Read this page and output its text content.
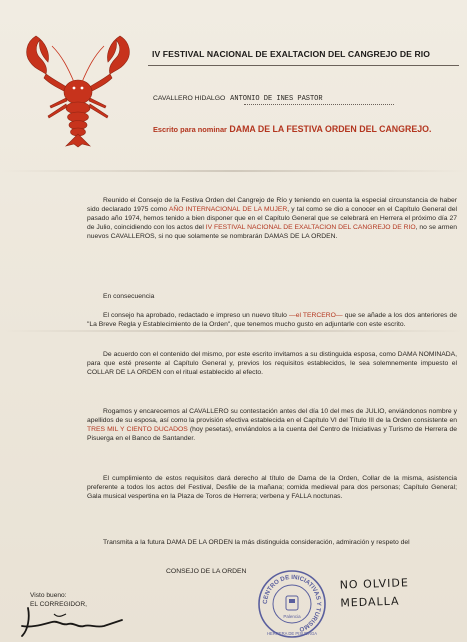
IV FESTIVAL NACIONAL DE EXALTACION DEL CANGREJO DE RIO
CAVALLERO HIDALGO ANTONIO DE INES PASTOR
Escrito para nominar DAMA DE LA FESTIVA ORDEN DEL CANGREJO.
Reunido el Consejo de la Festiva Orden del Cangrejo de Río y teniendo en cuenta la especial circunstancia de haber sido declarado 1975 como AÑO INTERNACIONAL DE LA MUJER, y tal como se dio a conocer en el Capítulo General del pasado año 1974, hemos tenido a bien disponer que en el Capítulo General que se celebrará en Herrera el próximo día 27 de Julio, coincidiendo con los actos del IV FESTIVAL NACIONAL DE EXALTACION DEL CANGREJO DE RIO, no se armen nuevos CAVALLEROS, si no que solamente se nombrarán DAMAS DE LA ORDEN.
En consecuencia
El consejo ha aprobado, redactado e impreso un nuevo título —el TERCERO— que se añade a los dos anteriores de "La Breve Regla y Establecimiento de la Orden", que tenemos mucho gusto en adjuntarle con este escrito.
De acuerdo con el contenido del mismo, por este escrito invitamos a su distinguida esposa, como DAMA NOMINADA, para que esté presente al Capítulo General y, previos los requisitos establecidos, le sea solemnemente impuesto el COLLAR DE LA ORDEN con el ritual establecido al efecto.
Rogamos y encarecemos al CAVALLERO su contestación antes del día 10 del mes de JULIO, enviándonos nombre y apellidos de su esposa, así como la provisión efectiva establecida en el Capítulo VI del Título III de la Orden consistente en TRES MIL Y CIENTO DUCADOS (hoy pesetas), enviándolos a la cuenta del Centro de Iniciativas y Turismo de Herrera de Pisuerga en el Banco de Santander.
El cumplimiento de estos requisitos dará derecho al título de Dama de la Orden, Collar de la misma, asistencia preferente a todos los actos del Festival, Desfile de la mañana; comida medieval para dos personas; Capítulo General; Gala musical vespertina en la Plaza de Toros de Herrera; verbena y FALLA noctunas.
Transmita a la futura DAMA DE LA ORDEN la más distinguida consideración, admiración y respeto del
CONSEJO DE LA ORDEN
Visto bueno:
EL CORREGIDOR,	CENTRO DE INICIATIVAS Y TURISMO
Palencia
HERRERA DE PISUERGA
NO OLVIDE
MEDALLA
